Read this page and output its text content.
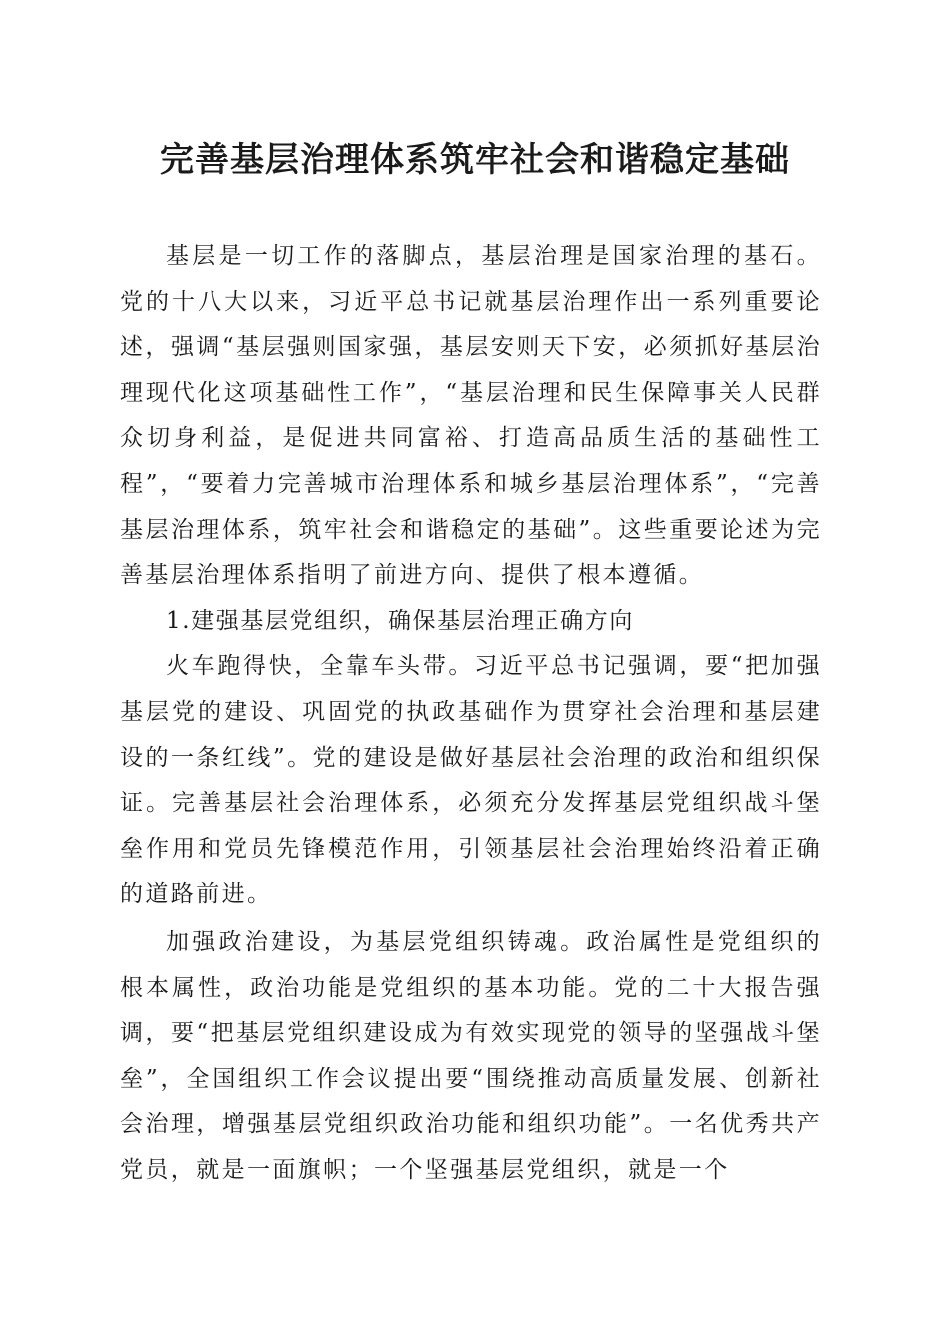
完善基层治理体系筑牢社会和谐稳定基础

基层是一切工作的落脚点，基层治理是国家治理的基石。党的十八大以来，习近平总书记就基层治理作出一系列重要论述，强调“基层强则国家强，基层安则天下安，必须抓好基层治理现代化这项基础性工作”，“基层治理和民生保障事关人民群众切身利益，是促进共同富裕、打造高品质生活的基础性工程”，“要着力完善城市治理体系和城乡基层治理体系”，“完善基层治理体系，筑牢社会和谐稳定的基础”。这些重要论述为完善基层治理体系指明了前进方向、提供了根本遵循。

1.建强基层党组织，确保基层治理正确方向

火车跑得快，全靠车头带。习近平总书记强调，要“把加强基层党的建设、巩固党的执政基础作为贯穿社会治理和基层建设的一条红线”。党的建设是做好基层社会治理的政治和组织保证。完善基层社会治理体系，必须充分发挥基层党组织战斗堡垒作用和党员先锋模范作用，引领基层社会治理始终沿着正确的道路前进。

加强政治建设，为基层党组织铸魂。政治属性是党组织的根本属性，政治功能是党组织的基本功能。党的二十大报告强调，要“把基层党组织建设成为有效实现党的领导的坚强战斗堡垒”，全国组织工作会议提出要“围绕推动高质量发展、创新社会治理，增强基层党组织政治功能和组织功能”。一名优秀共产党员，就是一面旗帜；一个坚强基层党组织，就是一个
